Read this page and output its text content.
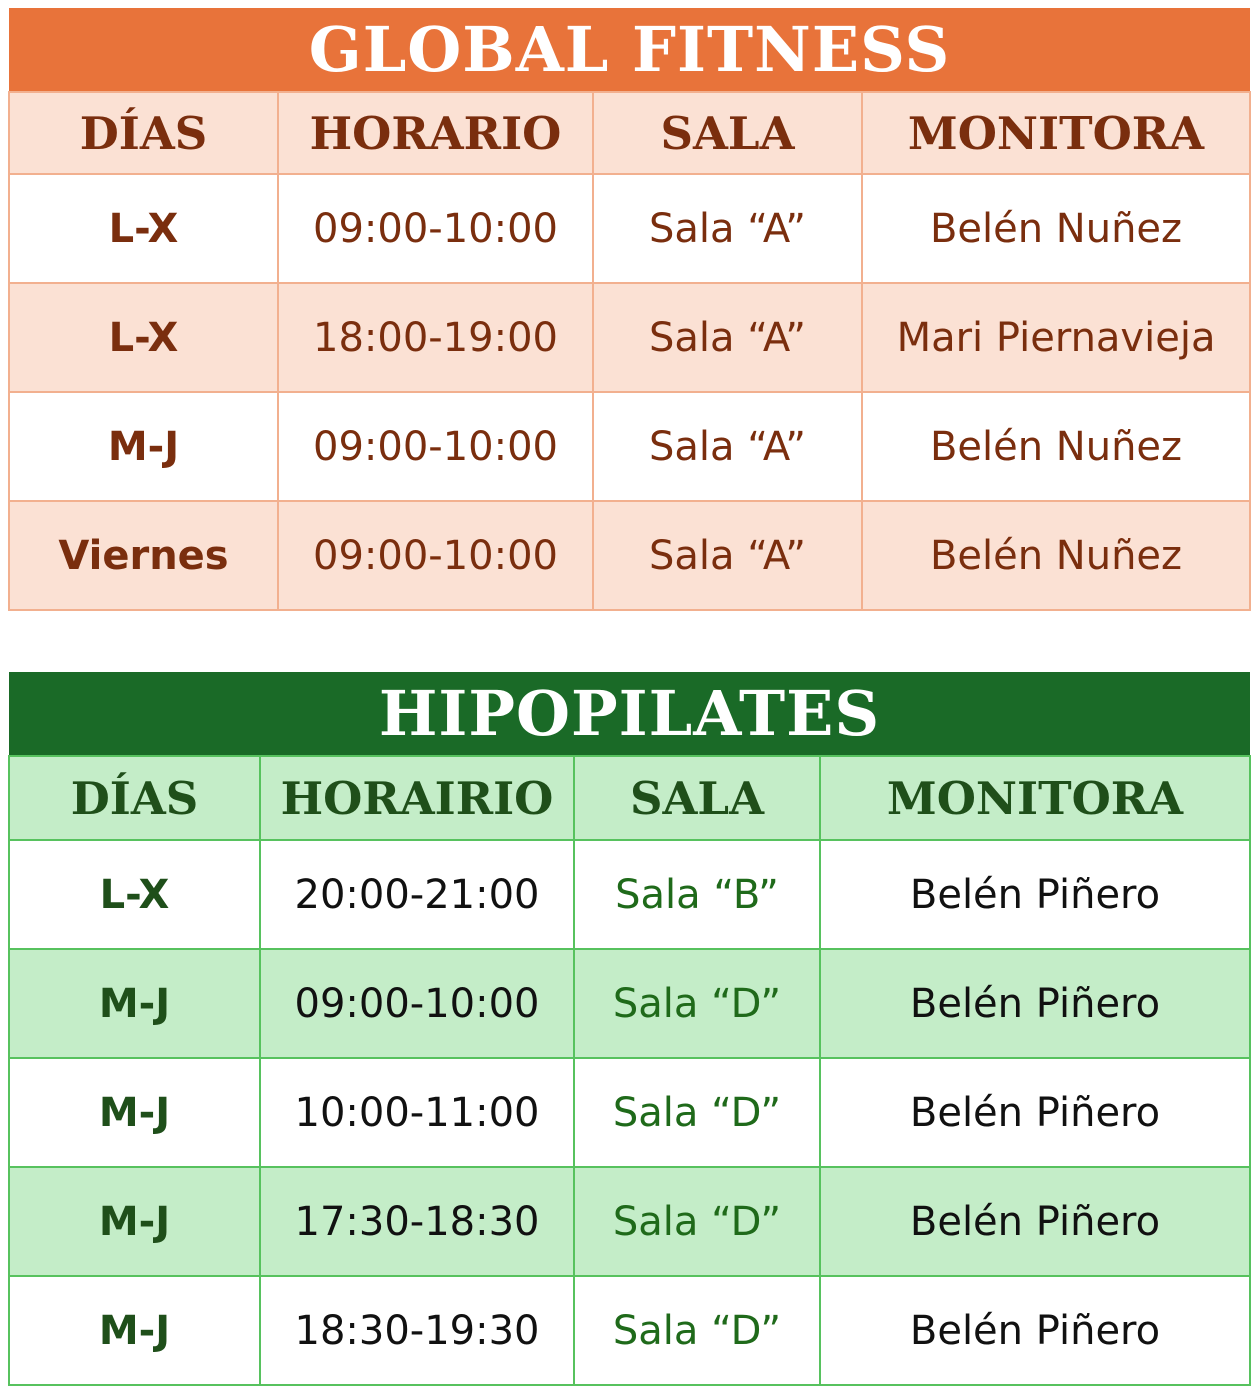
GLOBAL FITNESS			
DÍAS	HORARIO	SALA	MONITORA
L-X	09:00-10:00	Sala “A”	Belén Nuñez
L-X	18:00-19:00	Sala “A”	Mari Piernavieja
M-J	09:00-10:00	Sala “A”	Belén Nuñez
Viernes	09:00-10:00	Sala “A”	Belén Nuñez
HIPOPILATES			
DÍAS	HORAIRIO	SALA	MONITORA
L-X	20:00-21:00	Sala “B”	Belén Piñero
M-J	09:00-10:00	Sala “D”	Belén Piñero
M-J	10:00-11:00	Sala “D”	Belén Piñero
M-J	17:30-18:30	Sala “D”	Belén Piñero
M-J	18:30-19:30	Sala “D”	Belén Piñero
